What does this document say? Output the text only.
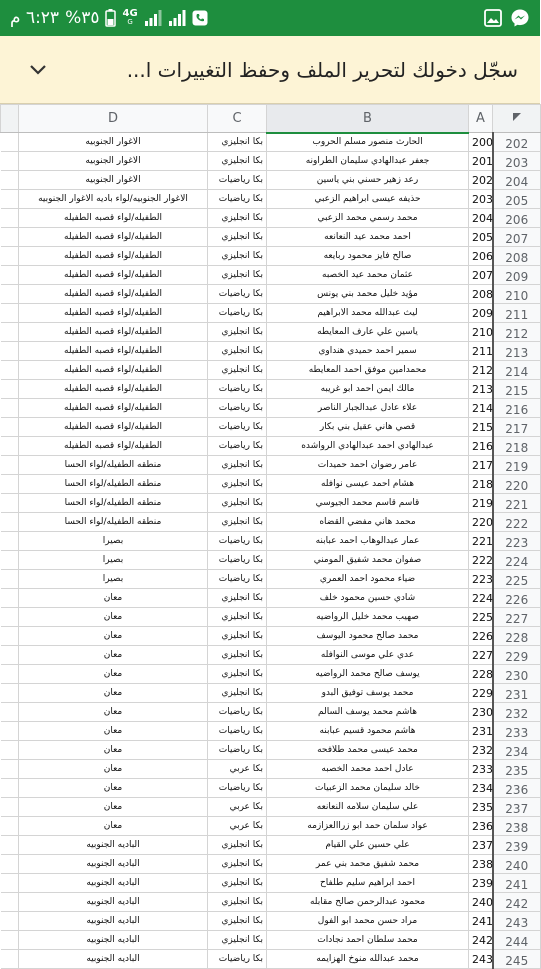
٦:٢٣ م %٣٥ 4G
G
سجّل دخولك لتحرير الملف وحفظ التغييرات ا...
	D	C	B	A	
	الاغوار الجنوبيه	بكا انجليزي	الحارث منصور مسلم الحروب	200	202
	الاغوار الجنوبيه	بكا انجليزي	جعفر عبدالهادي سليمان الطراونه	201	203
	الاغوار الجنوبيه	بكا رياضيات	رعد زهير حسني بني ياسين	202	204
	الاغوار الجنوبيه/لواء باديه الاغوار الجنوبيه	بكا رياضيات	حذيفه عيسى ابراهيم الزعبي	203	205
	الطفيله/لواء قصبه الطفيله	بكا انجليزي	محمد رسمي محمد الزعبي	204	206
	الطفيله/لواء قصبه الطفيله	بكا انجليزي	احمد محمد عيد النعانعه	205	207
	الطفيله/لواء قصبه الطفيله	بكا انجليزي	صالح فايز محمود ربايعه	206	208
	الطفيله/لواء قصبه الطفيله	بكا انجليزي	عثمان محمد عيد الخصبه	207	209
	الطفيله/لواء قصبه الطفيله	بكا رياضيات	مؤيد خليل محمد بني يونس	208	210
	الطفيله/لواء قصبه الطفيله	بكا رياضيات	ليث عبدالله محمد الابراهيم	209	211
	الطفيله/لواء قصبه الطفيله	بكا انجليزي	ياسين علي عارف المعايطه	210	212
	الطفيله/لواء قصبه الطفيله	بكا انجليزي	سمير احمد حميدي هنداوي	211	213
	الطفيله/لواء قصبه الطفيله	بكا انجليزي	محمدامين موفق احمد المعايطه	212	214
	الطفيله/لواء قصبه الطفيله	بكا رياضيات	مالك ايمن احمد ابو غريبه	213	215
	الطفيله/لواء قصبه الطفيله	بكا رياضيات	علاء عادل عبدالجبار الناصر	214	216
	الطفيله/لواء قصبه الطفيله	بكا رياضيات	قصي هاني عقيل بني بكار	215	217
	الطفيله/لواء قصبه الطفيله	بكا رياضيات	عبدالهادي احمد عبدالهادي الرواشده	216	218
	منطقه الطفيله/لواء الحسا	بكا انجليزي	عامر رضوان احمد حميدات	217	219
	منطقه الطفيله/لواء الحسا	بكا انجليزي	هشام احمد عيسى نوافله	218	220
	منطقه الطفيله/لواء الحسا	بكا انجليزي	قاسم قاسم محمد الجيوسي	219	221
	منطقه الطفيله/لواء الحسا	بكا انجليزي	محمد هاني مفضي القضاه	220	222
	بصيرا	بكا رياضيات	عمار عبدالوهاب احمد عبابنه	221	223
	بصيرا	بكا رياضيات	صفوان محمد شفيق المومني	222	224
	بصيرا	بكا رياضيات	ضياء محمود احمد العمري	223	225
	معان	بكا انجليزي	شادي حسين محمود خلف	224	226
	معان	بكا انجليزي	صهيب محمد خليل الرواضيه	225	227
	معان	بكا انجليزي	محمد صالح محمود اليوسف	226	228
	معان	بكا انجليزي	عدي علي موسى النوافله	227	229
	معان	بكا انجليزي	يوسف صالح محمد الرواضيه	228	230
	معان	بكا انجليزي	محمد يوسف توفيق البدو	229	231
	معان	بكا رياضيات	هاشم محمد يوسف السالم	230	232
	معان	بكا رياضيات	هاشم محمود قسيم عبابنه	231	233
	معان	بكا رياضيات	محمد عيسى محمد طلافحه	232	234
	معان	بكا عربي	عادل احمد محمد الخصبه	233	235
	معان	بكا رياضيات	خالد سليمان محمد الزعبيات	234	236
	معان	بكا عربي	علي سليمان سلامه النعانعه	235	237
	معان	بكا عربي	عواد سلمان حمد ابو زراالعزازمه	236	238
	الباديه الجنوبيه	بكا انجليزي	علي حسين علي القيام	237	239
	الباديه الجنوبيه	بكا انجليزي	محمد شفيق محمد بني عمر	238	240
	الباديه الجنوبيه	بكا انجليزي	احمد ابراهيم سليم طلفاح	239	241
	الباديه الجنوبيه	بكا انجليزي	محمود عبدالرحمن صالح مقابله	240	242
	الباديه الجنوبيه	بكا انجليزي	مراد حسن محمد ابو الفول	241	243
	الباديه الجنوبيه	بكا انجليزي	محمد سلطان احمد نجادات	242	244
	الباديه الجنوبيه	بكا رياضيات	محمد عبدالله منوخ الهزايمه	243	245
